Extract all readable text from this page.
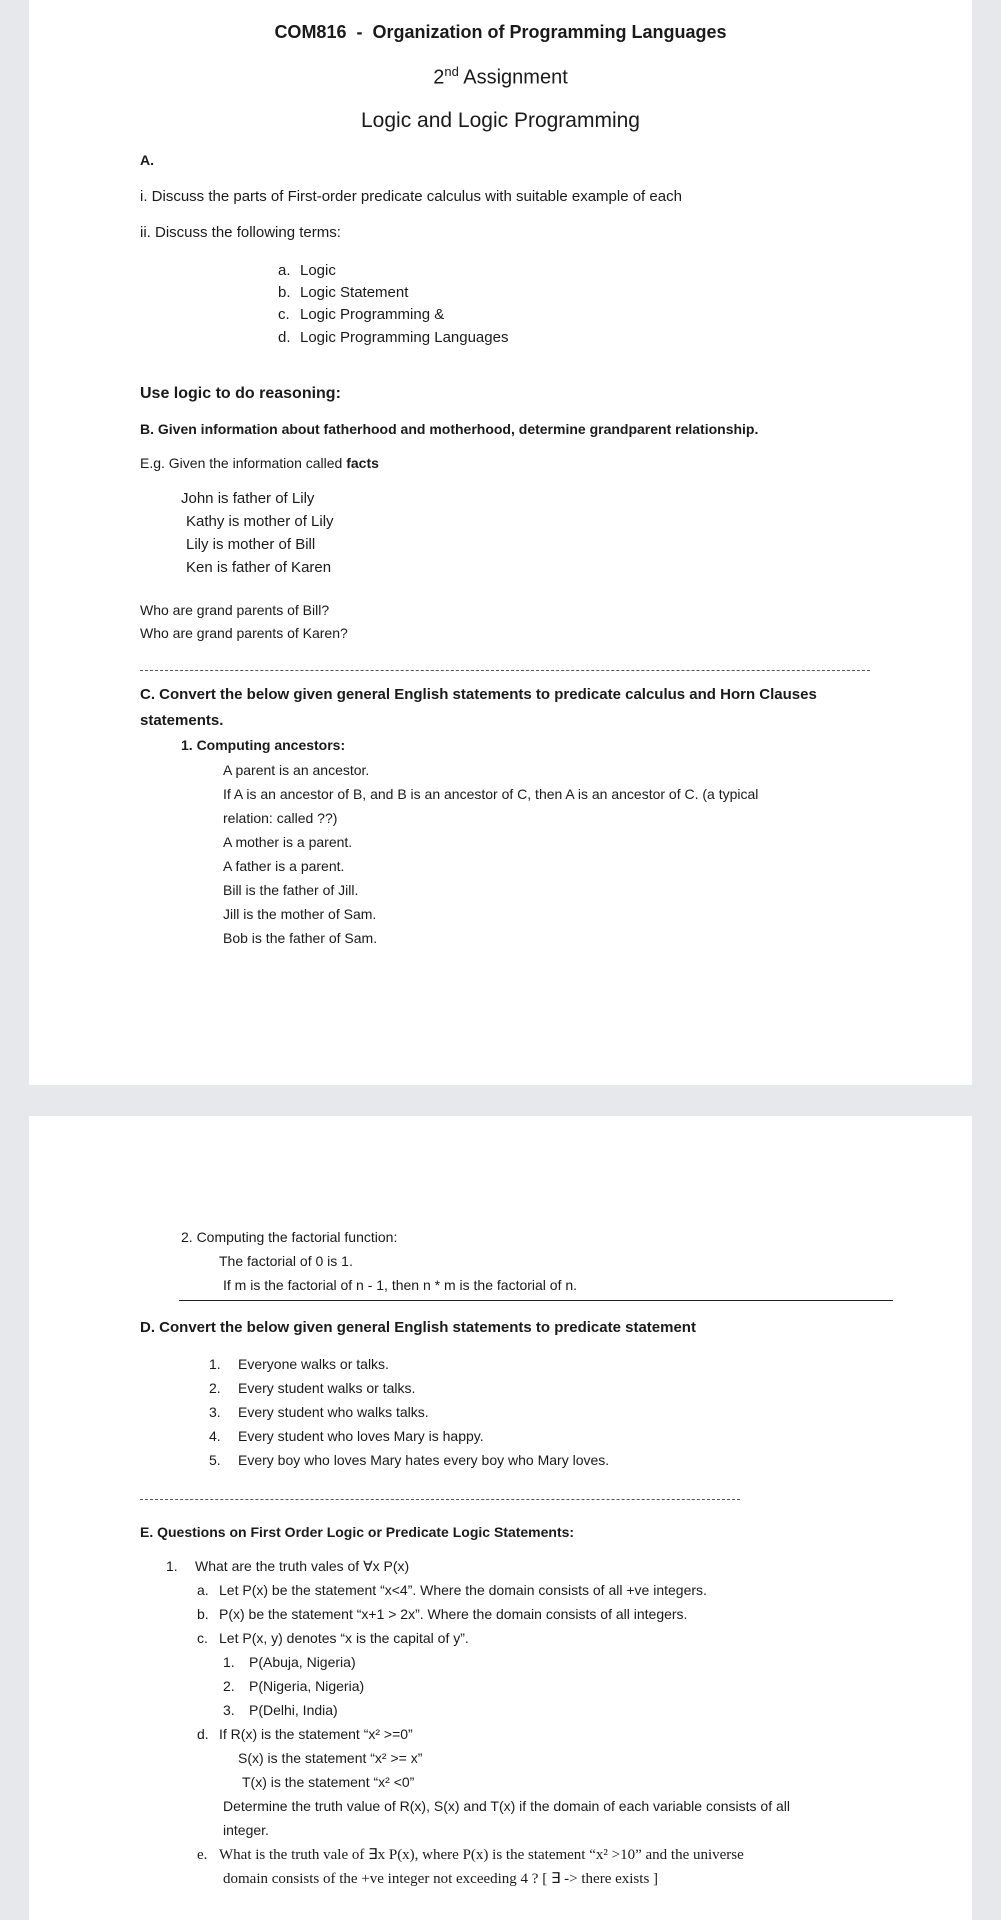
COM816 - Organization of Programming Languages
2nd Assignment
Logic and Logic Programming
A.
i. Discuss the parts of First-order predicate calculus with suitable example of each
ii. Discuss the following terms:
a. Logic
b. Logic Statement
c. Logic Programming &
d. Logic Programming Languages
Use logic to do reasoning:
B. Given information about fatherhood and motherhood, determine grandparent relationship.
E.g. Given the information called facts
John is father of Lily
Kathy is mother of Lily
Lily is mother of Bill
Ken is father of Karen
Who are grand parents of Bill?
Who are grand parents of Karen?
C. Convert the below given general English statements to predicate calculus and Horn Clauses
statements.
1. Computing ancestors:
A parent is an ancestor.
If A is an ancestor of B, and B is an ancestor of C, then A is an ancestor of C. (a typical
relation: called ??)
A mother is a parent.
A father is a parent.
Bill is the father of Jill.
Jill is the mother of Sam.
Bob is the father of Sam.
2. Computing the factorial function:
The factorial of 0 is 1.
If m is the factorial of n - 1, then n * m is the factorial of n.
D. Convert the below given general English statements to predicate statement
1. Everyone walks or talks.
2. Every student walks or talks.
3. Every student who walks talks.
4. Every student who loves Mary is happy.
5. Every boy who loves Mary hates every boy who Mary loves.
E. Questions on First Order Logic or Predicate Logic Statements:
1. What are the truth vales of ∀x P(x)
a. Let P(x) be the statement “x<4”. Where the domain consists of all +ve integers.
b. P(x) be the statement “x+1 > 2x”. Where the domain consists of all integers.
c. Let P(x, y) denotes “x is the capital of y”.
1. P(Abuja, Nigeria)
2. P(Nigeria, Nigeria)
3. P(Delhi, India)
d. If R(x) is the statement “x² >=0”
S(x) is the statement “x² >= x”
T(x) is the statement “x² <0”
Determine the truth value of R(x), S(x) and T(x) if the domain of each variable consists of all
integer.
e. What is the truth vale of ∃x P(x), where P(x) is the statement “x² >10” and the universe
domain consists of the +ve integer not exceeding 4 ? [ ∃ -> there exists ]
